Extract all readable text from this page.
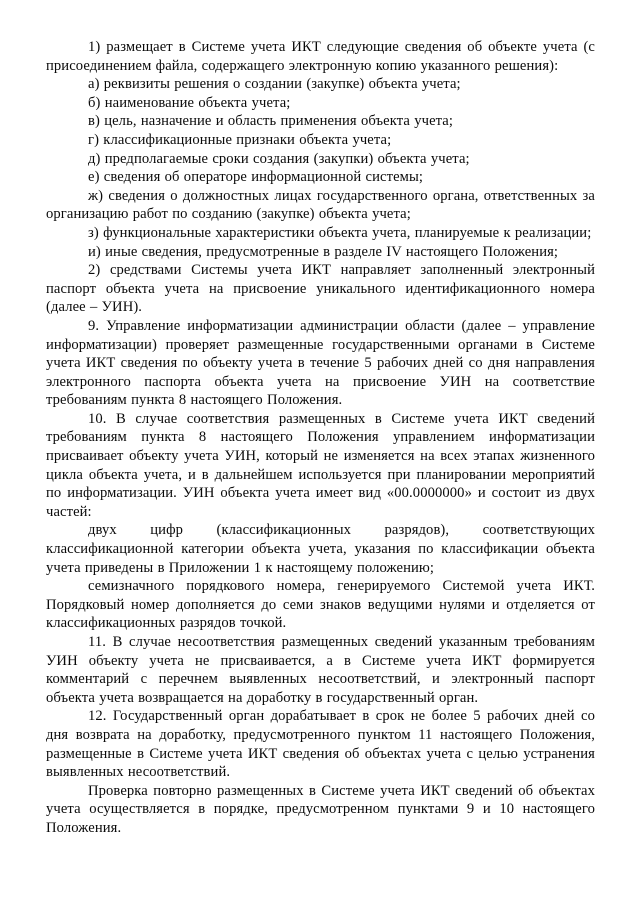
1) размещает в Системе учета ИКТ следующие сведения об объекте учета (с присоединением файла, содержащего электронную копию указанного решения):

а) реквизиты решения о создании (закупке) объекта учета;

б) наименование объекта учета;

в) цель, назначение и область применения объекта учета;

г) классификационные признаки объекта учета;

д) предполагаемые сроки создания (закупки) объекта учета;

е) сведения об операторе информационной системы;

ж) сведения о должностных лицах государственного органа, ответственных за организацию работ по созданию (закупке) объекта учета;

з) функциональные характеристики объекта учета, планируемые к реализации;

и) иные сведения, предусмотренные в разделе IV настоящего Положения;

2) средствами Системы учета ИКТ направляет заполненный электронный паспорт объекта учета на присвоение уникального идентификационного номера (далее – УИН).

9. Управление информатизации администрации области (далее – управление информатизации) проверяет размещенные государственными органами в Системе учета ИКТ сведения по объекту учета в течение 5 рабочих дней со дня направления электронного паспорта объекта учета на присвоение УИН на соответствие требованиям пункта 8 настоящего Положения.

10. В случае соответствия размещенных в Системе учета ИКТ сведений требованиям пункта 8 настоящего Положения управлением информатизации присваивает объекту учета УИН, который не изменяется на всех этапах жизненного цикла объекта учета, и в дальнейшем используется при планировании мероприятий по информатизации. УИН объекта учета имеет вид «00.0000000» и состоит из двух частей:

двух цифр (классификационных разрядов), соответствующих классификационной категории объекта учета, указания по классификации объекта учета приведены в Приложении 1 к настоящему положению;

семизначного порядкового номера, генерируемого Системой учета ИКТ. Порядковый номер дополняется до семи знаков ведущими нулями и отделяется от классификационных разрядов точкой.

11. В случае несоответствия размещенных сведений указанным требованиям УИН объекту учета не присваивается, а в Системе учета ИКТ формируется комментарий с перечнем выявленных несоответствий, и электронный паспорт объекта учета возвращается на доработку в государственный орган.

12. Государственный орган дорабатывает в срок не более 5 рабочих дней со дня возврата на доработку, предусмотренного пунктом 11 настоящего Положения, размещенные в Системе учета ИКТ сведения об объектах учета с целью устранения выявленных несоответствий.

Проверка повторно размещенных в Системе учета ИКТ сведений об объектах учета осуществляется в порядке, предусмотренном пунктами 9 и 10 настоящего Положения.
